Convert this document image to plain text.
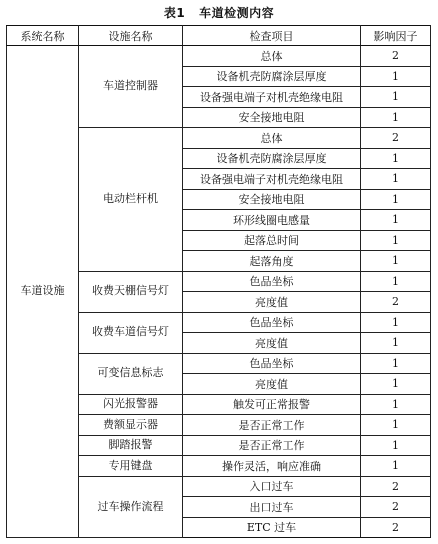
表1 车道检测内容
系统名称	设施名称	检查项目	影响因子
车道设施	车道控制器	总体	2
		设备机壳防腐涂层厚度	1
		设备强电端子对机壳绝缘电阻	1
		安全接地电阻	1
	电动栏杆机	总体	2
		设备机壳防腐涂层厚度	1
		设备强电端子对机壳绝缘电阻	1
		安全接地电阻	1
		环形线圈电感量	1
		起落总时间	1
		起落角度	1
	收费天棚信号灯	色品坐标	1
		亮度值	2
	收费车道信号灯	色品坐标	1
		亮度值	1
	可变信息标志	色品坐标	1
		亮度值	1
	闪光报警器	触发可正常报警	1
	费额显示器	是否正常工作	1
	脚踏报警	是否正常工作	1
	专用键盘	操作灵活，响应准确	1
	过车操作流程	入口过车	2
		出口过车	2
		ETC 过车	2
